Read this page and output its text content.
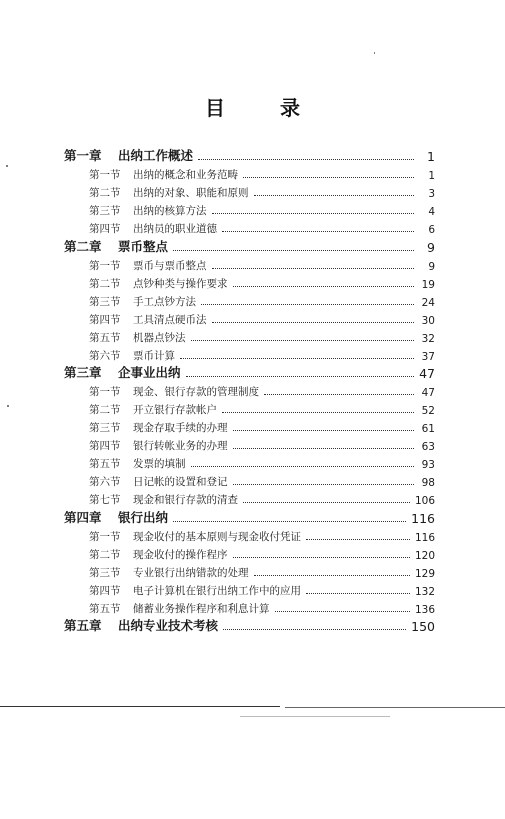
目 录
第一章	出纳工作概述	1
第一节	出纳的概念和业务范畴	1
第二节	出纳的对象、职能和原则	3
第三节	出纳的核算方法	4
第四节	出纳员的职业道德	6
第二章	票币整点	9
第一节	票币与票币整点	9
第二节	点钞种类与操作要求	19
第三节	手工点钞方法	24
第四节	工具清点硬币法	30
第五节	机器点钞法	32
第六节	票币计算	37
第三章	企事业出纳	47
第一节	现金、银行存款的管理制度	47
第二节	开立银行存款帐户	52
第三节	现金存取手续的办理	61
第四节	银行转帐业务的办理	63
第五节	发票的填制	93
第六节	日记帐的设置和登记	98
第七节	现金和银行存款的清查	106
第四章	银行出纳	116
第一节	现金收付的基本原则与现金收付凭证	116
第二节	现金收付的操作程序	120
第三节	专业银行出纳错款的处理	129
第四节	电子计算机在银行出纳工作中的应用	132
第五节	储蓄业务操作程序和利息计算	136
第五章	出纳专业技术考核	150
